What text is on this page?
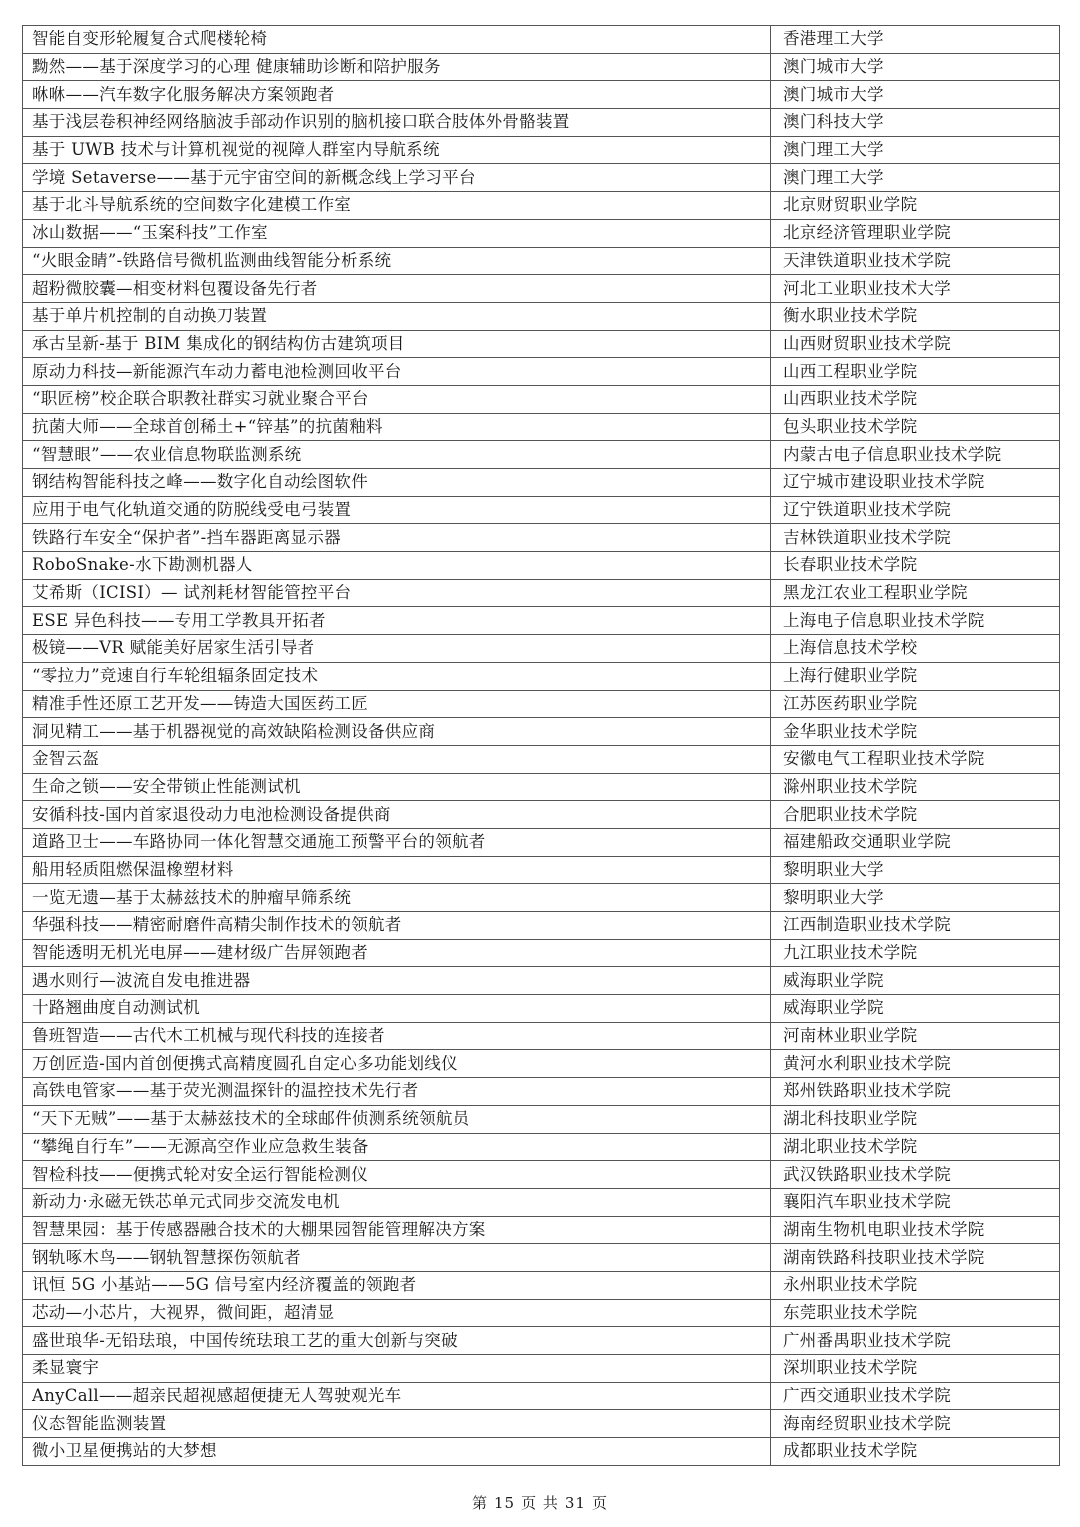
智能自变形轮履复合式爬楼轮椅	香港理工大学
黝然——基于深度学习的心理 健康辅助诊断和陪护服务	澳门城市大学
咻咻——汽车数字化服务解决方案领跑者	澳门城市大学
基于浅层卷积神经网络脑波手部动作识别的脑机接口联合肢体外骨骼装置	澳门科技大学
基于 UWB 技术与计算机视觉的视障人群室内导航系统	澳门理工大学
学境 Setaverse——基于元宇宙空间的新概念线上学习平台	澳门理工大学
基于北斗导航系统的空间数字化建模工作室	北京财贸职业学院
冰山数据——“玉案科技”工作室	北京经济管理职业学院
“火眼金睛”-铁路信号微机监测曲线智能分析系统	天津铁道职业技术学院
超粉微胶囊—相变材料包覆设备先行者	河北工业职业技术大学
基于单片机控制的自动换刀装置	衡水职业技术学院
承古呈新-基于 BIM 集成化的钢结构仿古建筑项目	山西财贸职业技术学院
原动力科技—新能源汽车动力蓄电池检测回收平台	山西工程职业学院
“职匠榜”校企联合职教社群实习就业聚合平台	山西职业技术学院
抗菌大师——全球首创稀土+“锌基”的抗菌釉料	包头职业技术学院
“智慧眼”——农业信息物联监测系统	内蒙古电子信息职业技术学院
钢结构智能科技之峰——数字化自动绘图软件	辽宁城市建设职业技术学院
应用于电气化轨道交通的防脱线受电弓装置	辽宁铁道职业技术学院
铁路行车安全“保护者”-挡车器距离显示器	吉林铁道职业技术学院
RoboSnake-水下勘测机器人	长春职业技术学院
艾希斯（ICISI）— 试剂耗材智能管控平台	黑龙江农业工程职业学院
ESE 异色科技——专用工学教具开拓者	上海电子信息职业技术学院
极镜——VR 赋能美好居家生活引导者	上海信息技术学校
“零拉力”竞速自行车轮组辐条固定技术	上海行健职业学院
精准手性还原工艺开发——铸造大国医药工匠	江苏医药职业学院
洞见精工——基于机器视觉的高效缺陷检测设备供应商	金华职业技术学院
金智云盔	安徽电气工程职业技术学院
生命之锁——安全带锁止性能测试机	滁州职业技术学院
安循科技-国内首家退役动力电池检测设备提供商	合肥职业技术学院
道路卫士——车路协同一体化智慧交通施工预警平台的领航者	福建船政交通职业学院
船用轻质阻燃保温橡塑材料	黎明职业大学
一览无遗—基于太赫兹技术的肿瘤早筛系统	黎明职业大学
华强科技——精密耐磨件高精尖制作技术的领航者	江西制造职业技术学院
智能透明无机光电屏——建材级广告屏领跑者	九江职业技术学院
遇水则行—波流自发电推进器	威海职业学院
十路翘曲度自动测试机	威海职业学院
鲁班智造——古代木工机械与现代科技的连接者	河南林业职业学院
万创匠造-国内首创便携式高精度圆孔自定心多功能划线仪	黄河水利职业技术学院
高铁电管家——基于荧光测温探针的温控技术先行者	郑州铁路职业技术学院
“天下无贼”——基于太赫兹技术的全球邮件侦测系统领航员	湖北科技职业学院
“攀绳自行车”——无源高空作业应急救生装备	湖北职业技术学院
智检科技——便携式轮对安全运行智能检测仪	武汉铁路职业技术学院
新动力·永磁无铁芯单元式同步交流发电机	襄阳汽车职业技术学院
智慧果园：基于传感器融合技术的大棚果园智能管理解决方案	湖南生物机电职业技术学院
钢轨啄木鸟——钢轨智慧探伤领航者	湖南铁路科技职业技术学院
讯恒 5G 小基站——5G 信号室内经济覆盖的领跑者	永州职业技术学院
芯动—小芯片，大视界，微间距，超清显	东莞职业技术学院
盛世琅华-无铅珐琅，中国传统珐琅工艺的重大创新与突破	广州番禺职业技术学院
柔显寰宇	深圳职业技术学院
AnyCall——超亲民超视感超便捷无人驾驶观光车	广西交通职业技术学院
仪态智能监测装置	海南经贸职业技术学院
微小卫星便携站的大梦想	成都职业技术学院
第 15 页 共 31 页
